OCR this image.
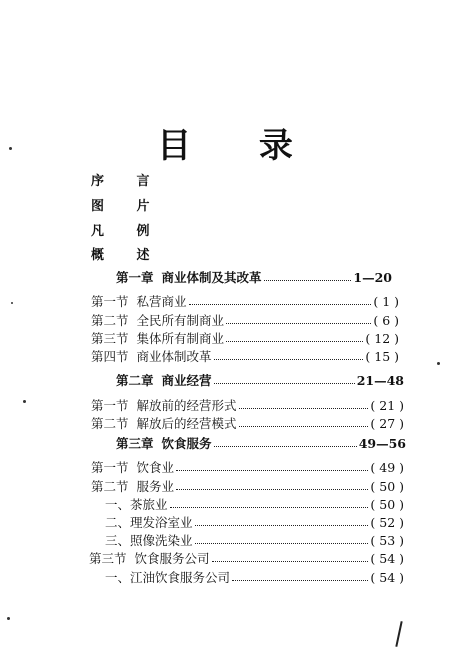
目 录
序 言
图 片
凡 例
概 述
第一章 商业体制及其改革	1—20
第一节 私营商业	( 1 )
第二节 全民所有制商业	( 6 )
第三节 集体所有制商业	( 12 )
第四节 商业体制改革	( 15 )
第二章 商业经营	21—48
第一节 解放前的经营形式	( 21 )
第二节 解放后的经营模式	( 27 )
第三章 饮食服务	49—56
第一节 饮食业	( 49 )
第二节 服务业	( 50 )
一、 茶旅业	( 50 )
二、 理发浴室业	( 52 )
三、 照像洗染业	( 53 )
第三节 饮食服务公司	( 54 )
一、 江油饮食服务公司	( 54 )
